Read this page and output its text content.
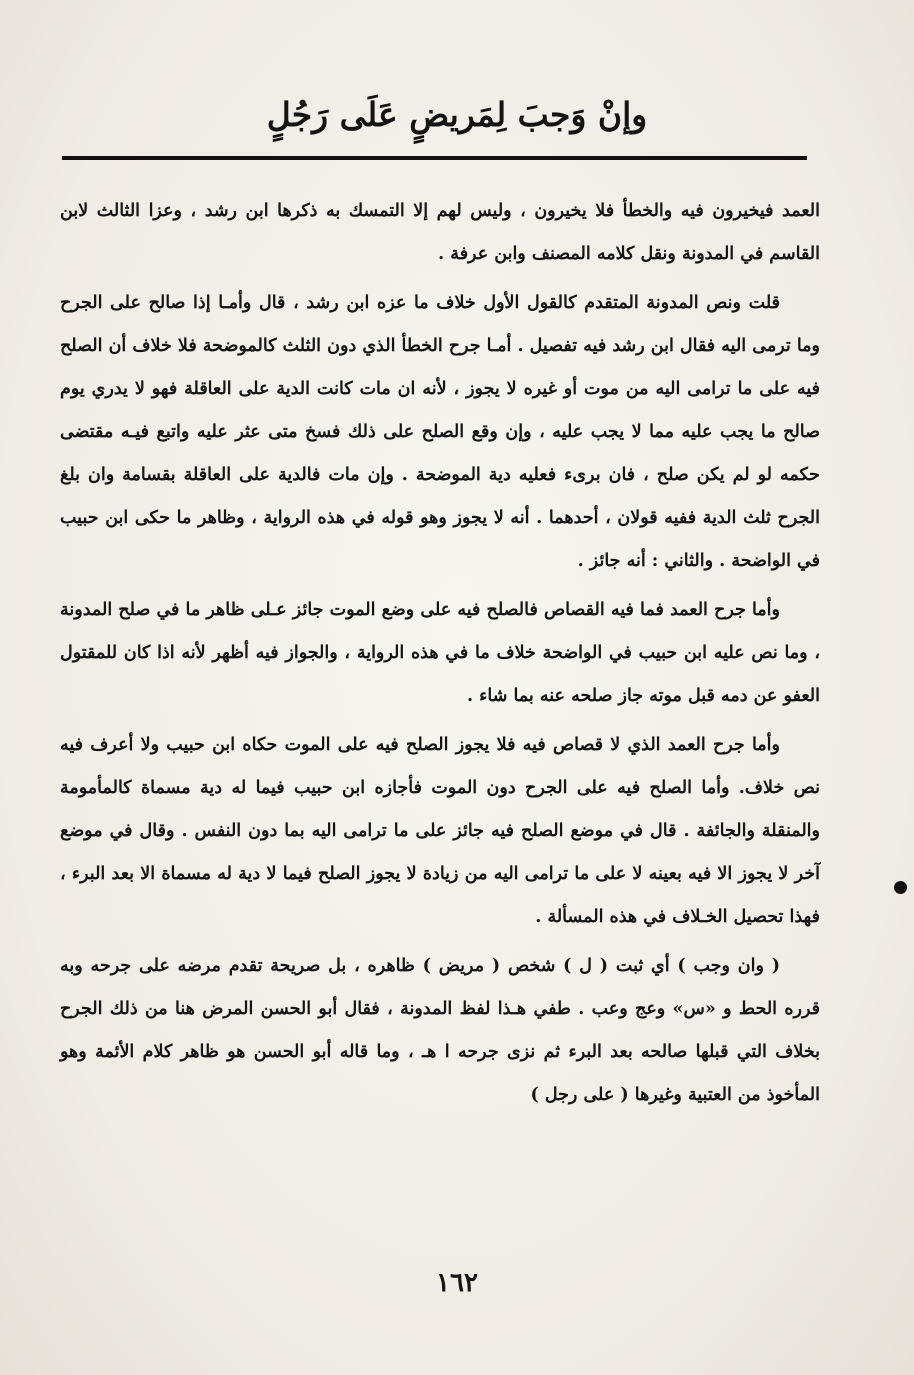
وإنْ وَجبَ لِمَريضٍ عَلَى رَجُلٍ

العمد فيخيرون فيه والخطأ فلا يخيرون ، وليس لهم إلا التمسك به ذكرها ابن رشد ، وعزا الثالث لابن القاسم في المدونة ونقل كلامه المصنف وابن عرفة .

قلت ونص المدونة المتقدم كالقول الأول خلاف ما عزه ابن رشد ، قال وأمـا إذا صالح على الجرح وما ترمى اليه فقال ابن رشد فيه تفصيل . أمـا جرح الخطأ الذي دون الثلث كالموضحة فلا خلاف أن الصلح فيه على ما ترامى اليه من موت أو غيره لا يجوز ، لأنه ان مات كانت الدية على العاقلة فهو لا يدري يوم صالح ما يجب عليه مما لا يجب عليه ، وإن وقع الصلح على ذلك فسخ متى عثر عليه واتبع فيـه مقتضى حكمه لو لم يكن صلح ، فان برىء فعليه دية الموضحة . وإن مات فالدية على العاقلة بقسامة وان بلغ الجرح ثلث الدية ففيه قولان ، أحدهما . أنه لا يجوز وهو قوله في هذه الرواية ، وظاهر ما حكى ابن حبيب في الواضحة . والثاني : أنه جائز .

وأما جرح العمد فما فيه القصاص فالصلح فيه على وضع الموت جائز عـلى ظاهر ما في صلح المدونة ، وما نص عليه ابن حبيب في الواضحة خلاف ما في هذه الرواية ، والجواز فيه أظهر لأنه اذا كان للمقتول العفو عن دمه قبل موته جاز صلحه عنه بما شاء .

وأما جرح العمد الذي لا قصاص فيه فلا يجوز الصلح فيه على الموت حكاه ابن حبيب ولا أعرف فيه نص خلاف. وأما الصلح فيه على الجرح دون الموت فأجازه ابن حبيب فيما له دية مسماة كالمأمومة والمنقلة والجائفة . قال في موضع الصلح فيه جائز على ما ترامى اليه بما دون النفس . وقال في موضع آخر لا يجوز الا فيه بعينه لا على ما ترامى اليه من زيادة لا يجوز الصلح فيما لا دية له مسماة الا بعد البرء ، فهذا تحصيل الخـلاف في هذه المسألة .

( وان وجب ) أي ثبت ( ل ) شخص ( مريض ) ظاهره ، بل صريحة تقدم مرضه على جرحه وبه قرره الحط و «س» وعج وعب . طفي هـذا لفظ المدونة ، فقال أبو الحسن المرض هنا من ذلك الجرح بخلاف التي قبلها صالحه بعد البرء ثم نزى جرحه ا هـ ، وما قاله أبو الحسن هو ظاهر كلام الأئمة وهو المأخوذ من العتبية وغيرها ( على رجل )

١٦٢
